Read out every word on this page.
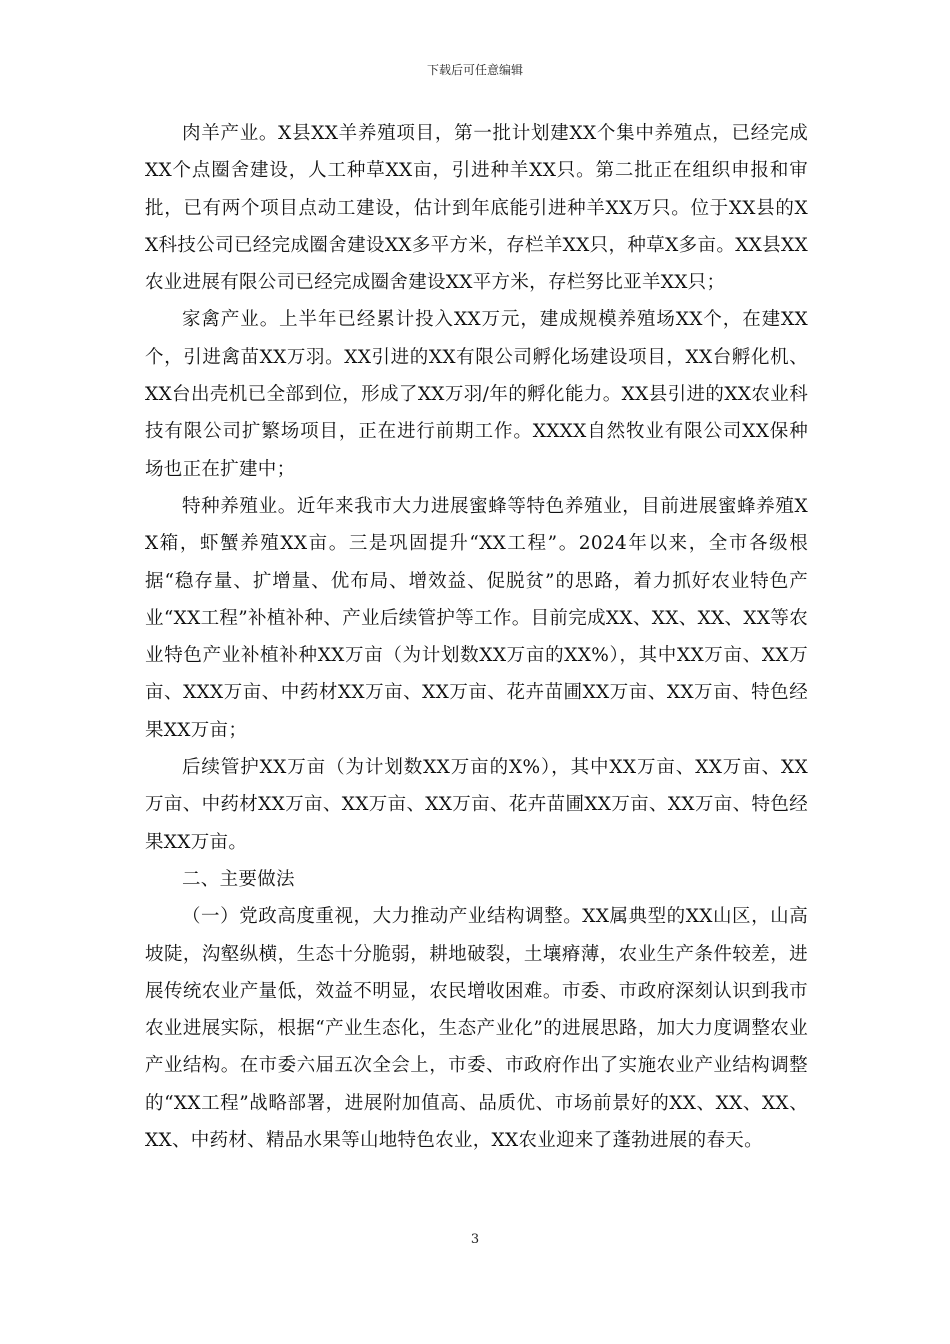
下载后可任意编辑

肉羊产业。X县XX羊养殖项目，第一批计划建XX个集中养殖点，已经完成XX个点圈舍建设，人工种草XX亩，引进种羊XX只。第二批正在组织申报和审批，已有两个项目点动工建设，估计到年底能引进种羊XX万只。位于XX县的XX科技公司已经完成圈舍建设XX多平方米，存栏羊XX只，种草X多亩。XX县XX农业进展有限公司已经完成圈舍建设XX平方米，存栏努比亚羊XX只；

家禽产业。上半年已经累计投入XX万元，建成规模养殖场XX个，在建XX个，引进禽苗XX万羽。XX引进的XX有限公司孵化场建设项目，XX台孵化机、XX台出壳机已全部到位，形成了XX万羽/年的孵化能力。XX县引进的XX农业科技有限公司扩繁场项目，正在进行前期工作。XXXX自然牧业有限公司XX保种场也正在扩建中；

特种养殖业。近年来我市大力进展蜜蜂等特色养殖业，目前进展蜜蜂养殖XX箱，虾蟹养殖XX亩。三是巩固提升“XX工程”。2024年以来，全市各级根据“稳存量、扩增量、优布局、增效益、促脱贫”的思路，着力抓好农业特色产业“XX工程”补植补种、产业后续管护等工作。目前完成XX、XX、XX、XX等农业特色产业补植补种XX万亩（为计划数XX万亩的XX%），其中XX万亩、XX万亩、XXX万亩、中药材XX万亩、XX万亩、花卉苗圃XX万亩、XX万亩、特色经果XX万亩；

后续管护XX万亩（为计划数XX万亩的X%），其中XX万亩、XX万亩、XX万亩、中药材XX万亩、XX万亩、XX万亩、花卉苗圃XX万亩、XX万亩、特色经果XX万亩。

二、主要做法

（一）党政高度重视，大力推动产业结构调整。XX属典型的XX山区，山高坡陡，沟壑纵横，生态十分脆弱，耕地破裂，土壤瘠薄，农业生产条件较差，进展传统农业产量低，效益不明显，农民增收困难。市委、市政府深刻认识到我市农业进展实际，根据“产业生态化，生态产业化”的进展思路，加大力度调整农业产业结构。在市委六届五次全会上，市委、市政府作出了实施农业产业结构调整的“XX工程”战略部署，进展附加值高、品质优、市场前景好的XX、XX、XX、XX、中药材、精品水果等山地特色农业，XX农业迎来了蓬勃进展的春天。

3
